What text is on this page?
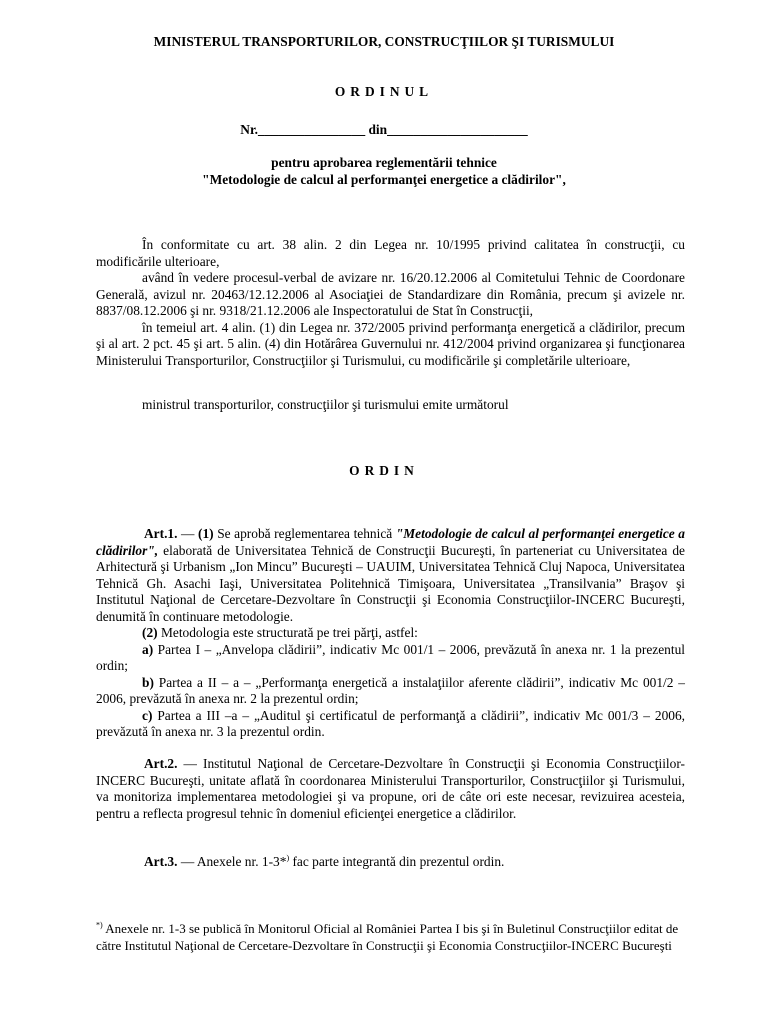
MINISTERUL TRANSPORTURILOR, CONSTRUCŢIILOR ŞI TURISMULUI
ORDINUL
Nr.________________ din_____________________
pentru aprobarea reglementării tehnice
"Metodologie de calcul al performanţei energetice a clădirilor",

În conformitate cu art. 38 alin. 2 din Legea nr. 10/1995 privind calitatea în construcţii, cu modificările ulterioare,

având în vedere procesul-verbal de avizare nr. 16/20.12.2006 al Comitetului Tehnic de Coordonare Generală, avizul nr. 20463/12.12.2006 al Asociaţiei de Standardizare din România, precum şi avizele nr. 8837/08.12.2006 şi nr. 9318/21.12.2006 ale Inspectoratului de Stat în Construcţii,

în temeiul art. 4 alin. (1) din Legea nr. 372/2005 privind performanţa energetică a clădirilor, precum şi al art. 2 pct. 45 şi art. 5 alin. (4) din Hotărârea Guvernului nr. 412/2004 privind organizarea şi funcţionarea Ministerului Transporturilor, Construcţiilor şi Turismului, cu modificările şi completările ulterioare,

ministrul transporturilor, construcţiilor şi turismului emite următorul

ORDIN

Art.1. — (1) Se aprobă reglementarea tehnică "Metodologie de calcul al performanţei energetice a clădirilor", elaborată de Universitatea Tehnică de Construcţii Bucureşti, în parteneriat cu Universitatea de Arhitectură şi Urbanism „Ion Mincu” Bucureşti – UAUIM, Universitatea Tehnică Cluj Napoca, Universitatea Tehnică Gh. Asachi Iaşi, Universitatea Politehnică Timişoara, Universitatea „Transilvania” Braşov şi Institutul Naţional de Cercetare-Dezvoltare în Construcţii şi Economia Construcţiilor-INCERC Bucureşti, denumită în continuare metodologie.

(2) Metodologia este structurată pe trei părţi, astfel:

a) Partea I – „Anvelopa clădirii”, indicativ Mc 001/1 – 2006, prevăzută în anexa nr. 1 la prezentul ordin;

b) Partea a II – a – „Performanţa energetică a instalaţiilor aferente clădirii”, indicativ Mc 001/2 – 2006, prevăzută în anexa nr. 2 la prezentul ordin;

c) Partea a III –a – „Auditul şi certificatul de performanţă a clădirii”, indicativ Mc 001/3 – 2006, prevăzută în anexa nr. 3 la prezentul ordin.

Art.2. — Institutul Naţional de Cercetare-Dezvoltare în Construcţii şi Economia Construcţiilor-INCERC Bucureşti, unitate aflată în coordonarea Ministerului Transporturilor, Construcţiilor şi Turismului, va monitoriza implementarea metodologiei şi va propune, ori de câte ori este necesar, revizuirea acesteia, pentru a reflecta progresul tehnic în domeniul eficienţei energetice a clădirilor.

Art.3. — Anexele nr. 1-3*) fac parte integrantă din prezentul ordin.

*) Anexele nr. 1-3 se publică în Monitorul Oficial al României Partea I bis şi în Buletinul Construcţiilor editat de către Institutul Naţional de Cercetare-Dezvoltare în Construcţii şi Economia Construcţiilor-INCERC Bucureşti
